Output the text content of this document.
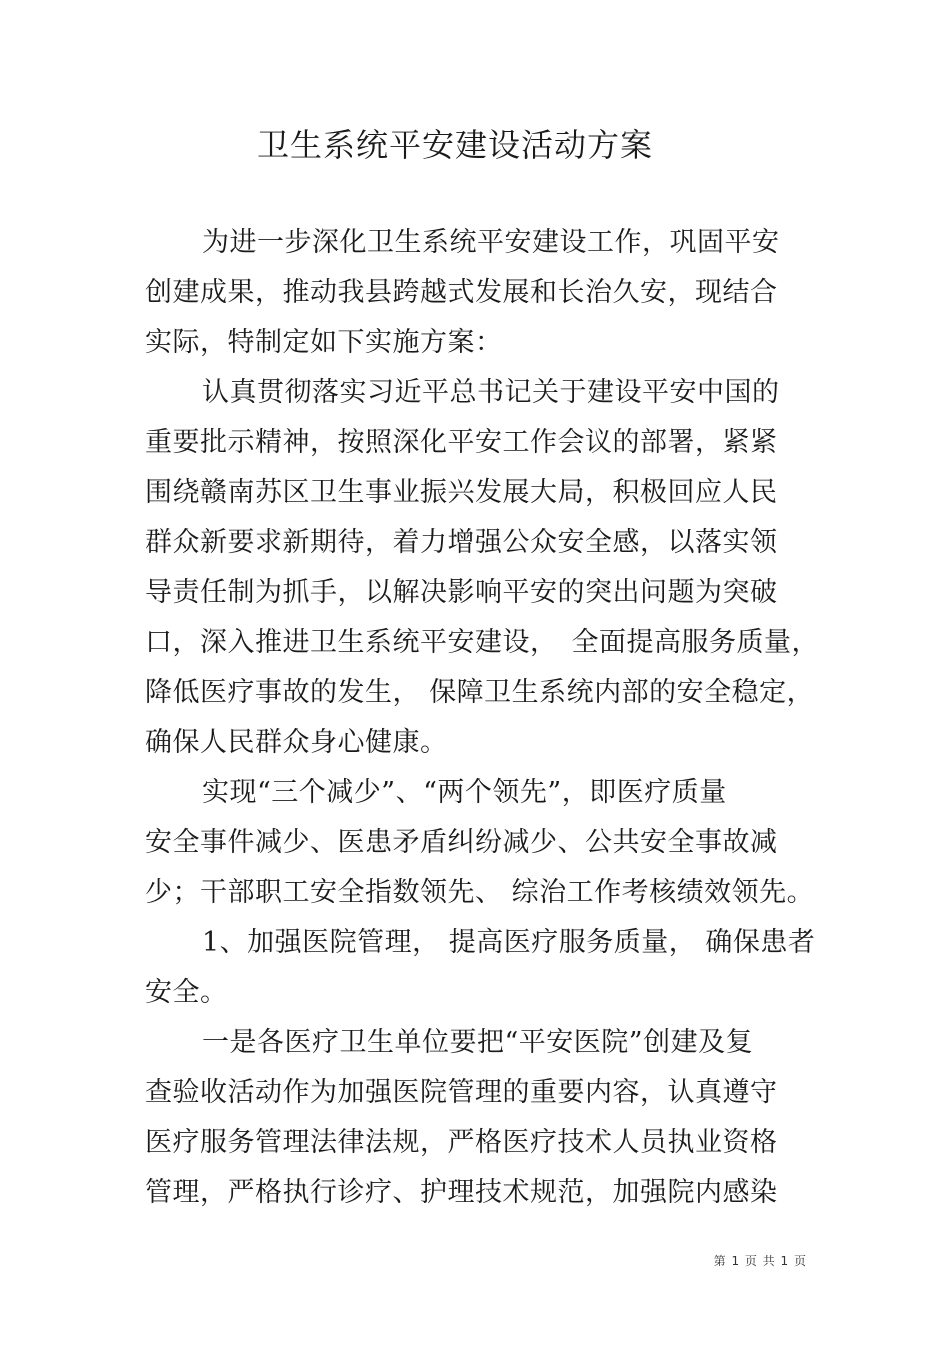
卫生系统平安建设活动方案
为进一步深化卫生系统平安建设工作，巩固平安
创建成果，推动我县跨越式发展和长治久安，现结合
实际，特制定如下实施方案：
认真贯彻落实习近平总书记关于建设平安中国的
重要批示精神，按照深化平安工作会议的部署，紧紧
围绕赣南苏区卫生事业振兴发展大局，积极回应人民
群众新要求新期待，着力增强公众安全感，以落实领
导责任制为抓手，以解决影响平安的突出问题为突破
口，深入推进卫生系统平安建设，　全面提高服务质量，
降低医疗事故的发生， 保障卫生系统内部的安全稳定，
确保人民群众身心健康。
实现“三个减少”、“两个领先”，即医疗质量
安全事件减少、医患矛盾纠纷减少、公共安全事故减
少；干部职工安全指数领先、 综治工作考核绩效领先。
1、加强医院管理， 提高医疗服务质量， 确保患者
安全。
一是各医疗卫生单位要把“平安医院”创建及复
查验收活动作为加强医院管理的重要内容，认真遵守
医疗服务管理法律法规，严格医疗技术人员执业资格
管理，严格执行诊疗、护理技术规范，加强院内感染
第 1 页 共 1 页
